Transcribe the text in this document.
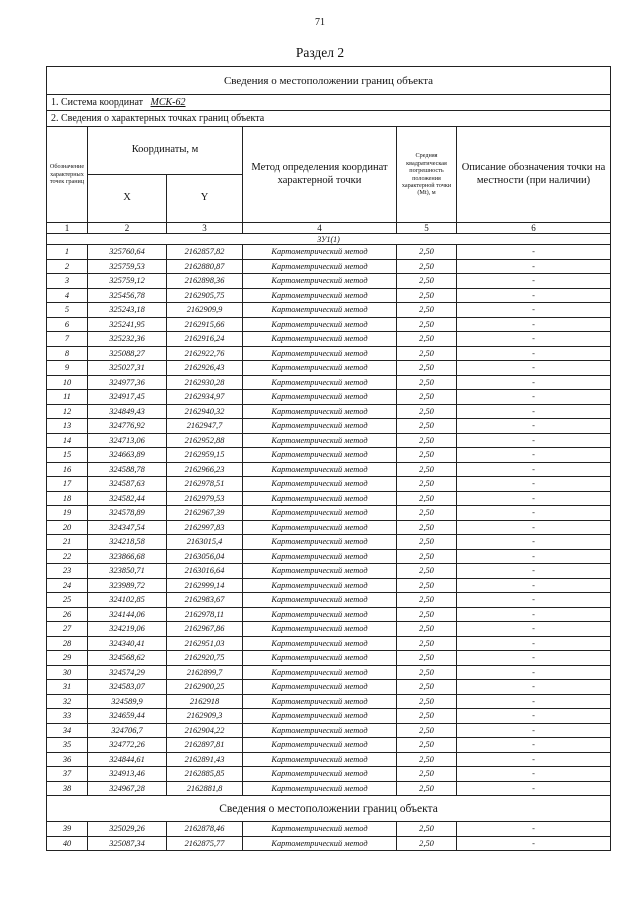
71
Раздел 2
Сведения о местоположении границ объекта					
1. Система координат МСК-62					
2. Сведения о характерных точках границ объекта					
Обозначение характерных точек границ	Координаты, м		Метод определения координат характерной точки	Средняя квадратическая погрешность положения характерной точки (Mt), м	Описание обозначения точки на местности (при наличии)
	X	Y			
1	2	3	4	5	6
ЗУ1(1)					
1	325760,64	2162857,82	Картометрический метод	2,50	-
2	325759,53	2162880,87	Картометрический метод	2,50	-
3	325759,12	2162898,36	Картометрический метод	2,50	-
4	325456,78	2162905,75	Картометрический метод	2,50	-
5	325243,18	2162909,9	Картометрический метод	2,50	-
6	325241,95	2162915,66	Картометрический метод	2,50	-
7	325232,36	2162916,24	Картометрический метод	2,50	-
8	325088,27	2162922,76	Картометрический метод	2,50	-
9	325027,31	2162926,43	Картометрический метод	2,50	-
10	324977,36	2162930,28	Картометрический метод	2,50	-
11	324917,45	2162934,97	Картометрический метод	2,50	-
12	324849,43	2162940,32	Картометрический метод	2,50	-
13	324776,92	2162947,7	Картометрический метод	2,50	-
14	324713,06	2162952,88	Картометрический метод	2,50	-
15	324663,89	2162959,15	Картометрический метод	2,50	-
16	324588,78	2162966,23	Картометрический метод	2,50	-
17	324587,63	2162978,51	Картометрический метод	2,50	-
18	324582,44	2162979,53	Картометрический метод	2,50	-
19	324578,89	2162967,39	Картометрический метод	2,50	-
20	324347,54	2162997,83	Картометрический метод	2,50	-
21	324218,58	2163015,4	Картометрический метод	2,50	-
22	323866,68	2163056,04	Картометрический метод	2,50	-
23	323850,71	2163016,64	Картометрический метод	2,50	-
24	323989,72	2162999,14	Картометрический метод	2,50	-
25	324102,85	2162983,67	Картометрический метод	2,50	-
26	324144,06	2162978,11	Картометрический метод	2,50	-
27	324219,06	2162967,86	Картометрический метод	2,50	-
28	324340,41	2162951,03	Картометрический метод	2,50	-
29	324568,62	2162920,75	Картометрический метод	2,50	-
30	324574,29	2162899,7	Картометрический метод	2,50	-
31	324583,07	2162900,25	Картометрический метод	2,50	-
32	324589,9	2162918	Картометрический метод	2,50	-
33	324659,44	2162909,3	Картометрический метод	2,50	-
34	324706,7	2162904,22	Картометрический метод	2,50	-
35	324772,26	2162897,81	Картометрический метод	2,50	-
36	324844,61	2162891,43	Картометрический метод	2,50	-
37	324913,46	2162885,85	Картометрический метод	2,50	-
38	324967,28	2162881,8	Картометрический метод	2,50	-
Сведения о местоположении границ объекта					
39	325029,26	2162878,46	Картометрический метод	2,50	-
40	325087,34	2162875,77	Картометрический метод	2,50	-
